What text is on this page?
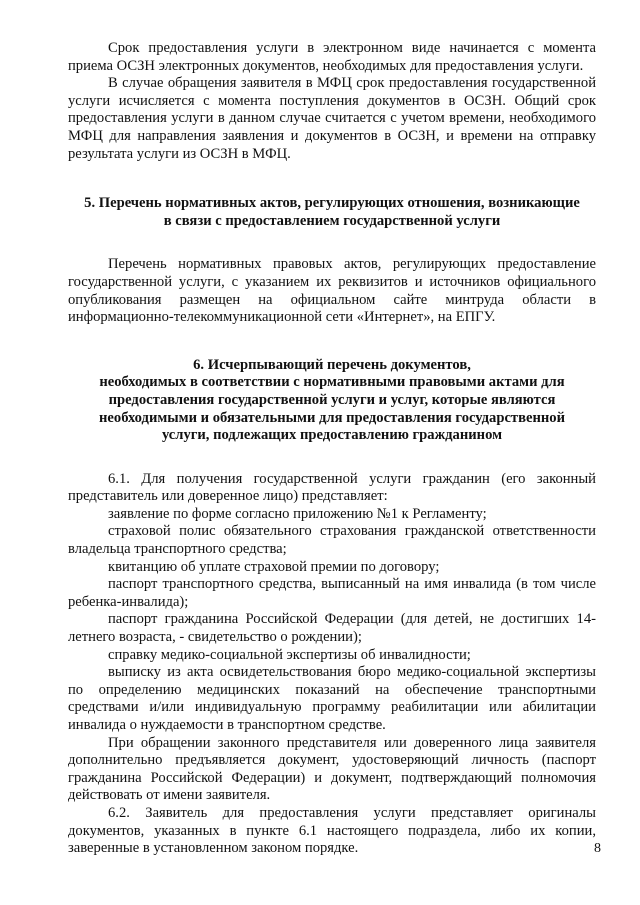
Срок предоставления услуги в электронном виде начинается с момента приема ОСЗН электронных документов, необходимых для предоставления услуги.

В случае обращения заявителя в МФЦ срок предоставления государственной услуги исчисляется с момента поступления документов в ОСЗН. Общий срок предоставления услуги в данном случае считается с учетом времени, необходимого МФЦ для направления заявления и документов в ОСЗН, и времени на отправку результата услуги из ОСЗН в МФЦ.

5. Перечень нормативных актов, регулирующих отношения, возникающие
в связи с предоставлением государственной услуги

Перечень нормативных правовых актов, регулирующих предоставление государственной услуги, с указанием их реквизитов и источников официального опубликования размещен на официальном сайте минтруда области в информационно-телекоммуникационной сети «Интернет», на ЕПГУ.

6. Исчерпывающий перечень документов,
необходимых в соответствии с нормативными правовыми актами для
предоставления государственной услуги и услуг, которые являются
необходимыми и обязательными для предоставления государственной
услуги, подлежащих предоставлению гражданином

6.1. Для получения государственной услуги гражданин (его законный представитель или доверенное лицо) представляет:

заявление по форме согласно приложению №1 к Регламенту;

страховой полис обязательного страхования гражданской ответственности владельца транспортного средства;

квитанцию об уплате страховой премии по договору;

паспорт транспортного средства, выписанный на имя инвалида (в том числе ребенка-инвалида);

паспорт гражданина Российской Федерации (для детей, не достигших 14-летнего возраста, - свидетельство о рождении);

справку медико-социальной экспертизы об инвалидности;

выписку из акта освидетельствования бюро медико-социальной экспертизы по определению медицинских показаний на обеспечение транспортными средствами и/или индивидуальную программу реабилитации или абилитации инвалида о нуждаемости в транспортном средстве.

При обращении законного представителя или доверенного лица заявителя дополнительно предъявляется документ, удостоверяющий личность (паспорт гражданина Российской Федерации) и документ, подтверждающий полномочия действовать от имени заявителя.

6.2. Заявитель для предоставления услуги представляет оригиналы документов, указанных в пункте 6.1 настоящего подраздела, либо их копии, заверенные в установленном законом порядке.	8
